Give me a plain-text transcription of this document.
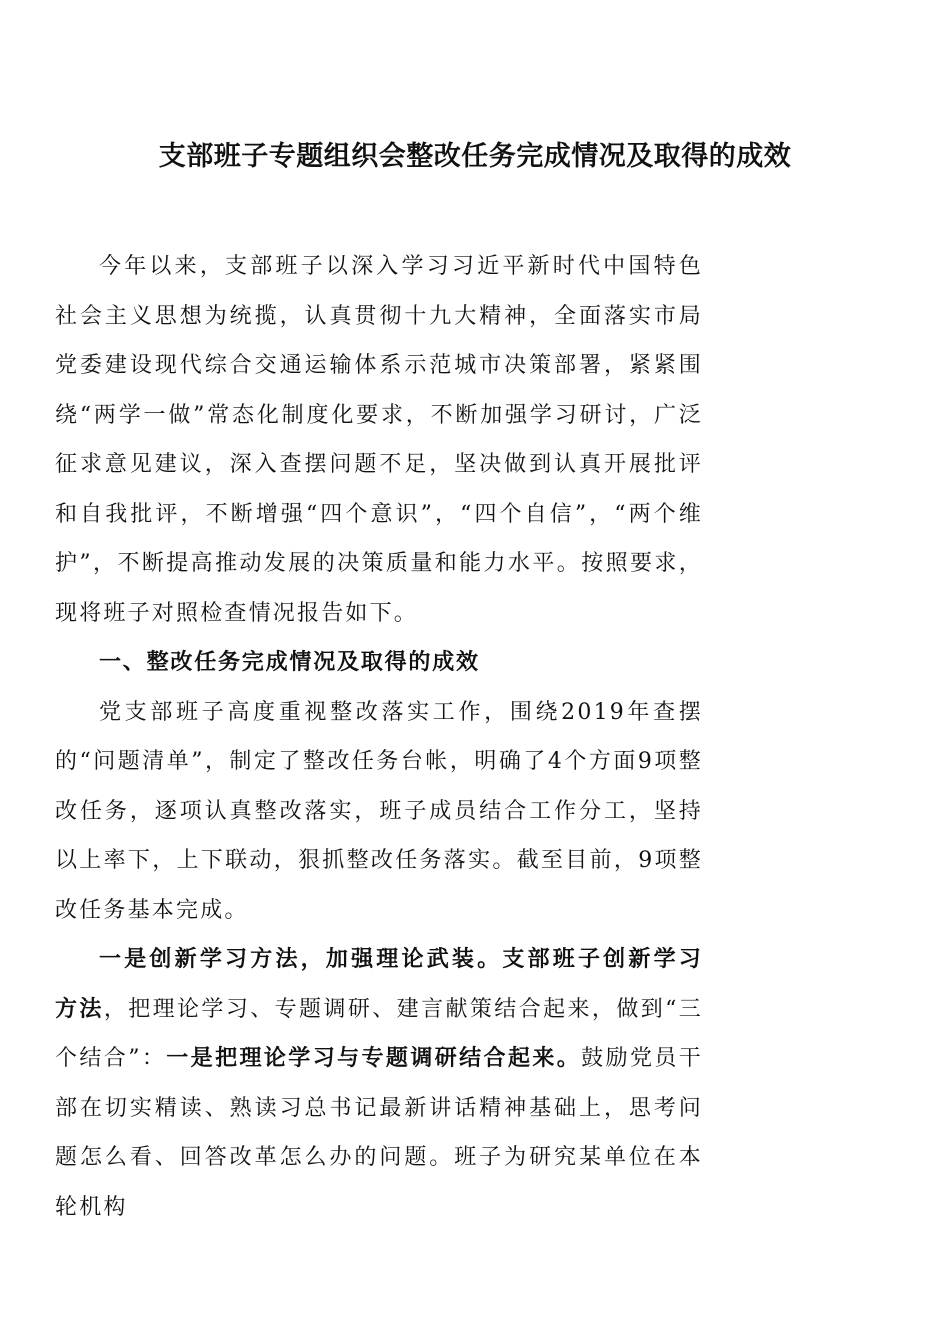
支部班子专题组织会整改任务完成情况及取得的成效

今年以来，支部班子以深入学习习近平新时代中国特色社会主义思想为统揽，认真贯彻十九大精神，全面落实市局党委建设现代综合交通运输体系示范城市决策部署，紧紧围绕“两学一做”常态化制度化要求，不断加强学习研讨，广泛征求意见建议，深入查摆问题不足，坚决做到认真开展批评和自我批评，不断增强“四个意识”，“四个自信”，“两个维护”，不断提高推动发展的决策质量和能力水平。按照要求，现将班子对照检查情况报告如下。

一、整改任务完成情况及取得的成效

党支部班子高度重视整改落实工作，围绕2019年查摆的“问题清单”，制定了整改任务台帐，明确了4个方面9项整改任务，逐项认真整改落实，班子成员结合工作分工，坚持以上率下，上下联动，狠抓整改任务落实。截至目前，9项整改任务基本完成。

一是创新学习方法，加强理论武装。支部班子创新学习方法，把理论学习、专题调研、建言献策结合起来，做到“三个结合”：一是把理论学习与专题调研结合起来。鼓励党员干部在切实精读、熟读习总书记最新讲话精神基础上，思考问题怎么看、回答改革怎么办的问题。班子为研究某单位在本轮机构
